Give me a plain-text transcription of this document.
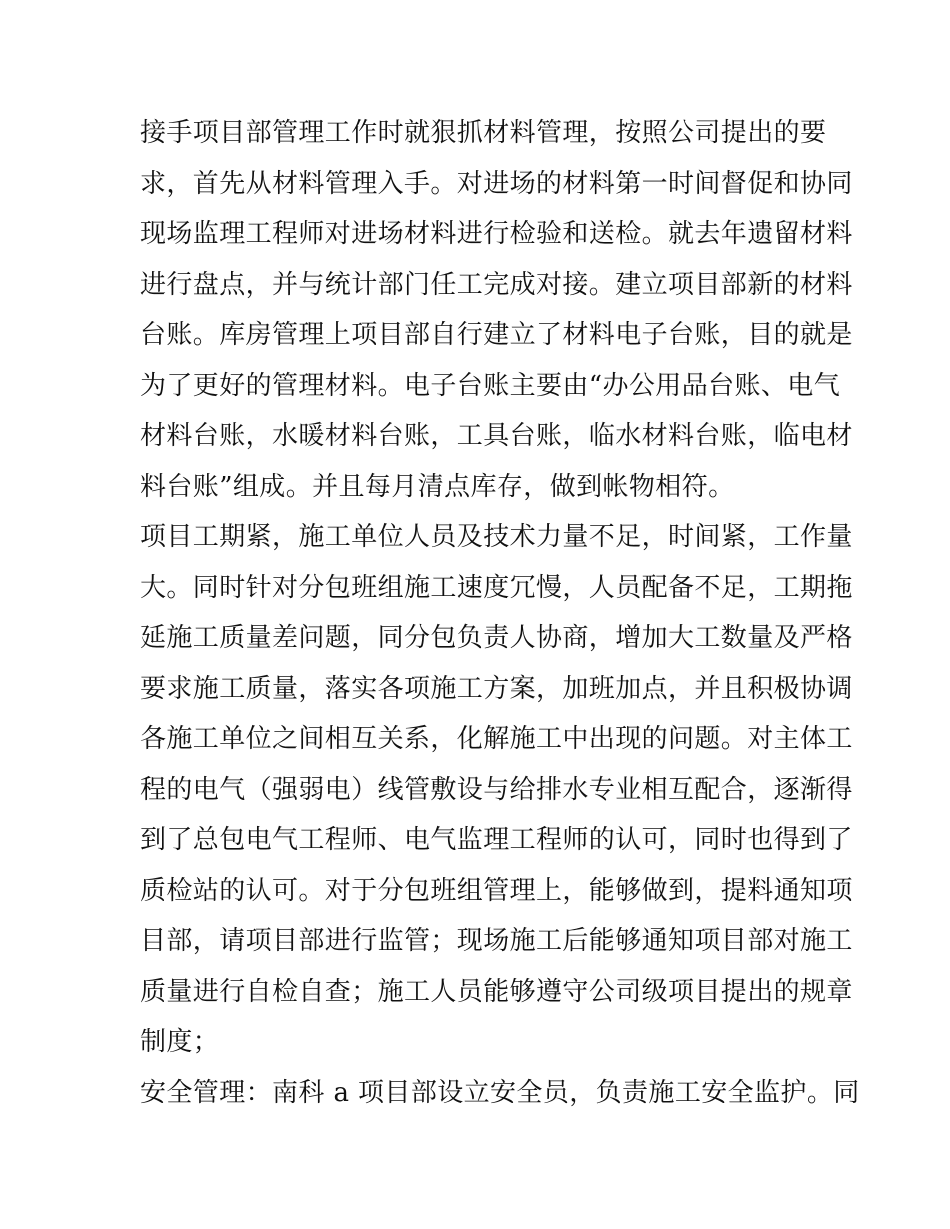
接手项目部管理工作时就狠抓材料管理，按照公司提出的要
求，首先从材料管理入手。对进场的材料第一时间督促和协同
现场监理工程师对进场材料进行检验和送检。就去年遗留材料
进行盘点，并与统计部门任工完成对接。建立项目部新的材料
台账。库房管理上项目部自行建立了材料电子台账，目的就是
为了更好的管理材料。电子台账主要由“办公用品台账、电气
材料台账，水暖材料台账，工具台账，临水材料台账，临电材
料台账”组成。并且每月清点库存，做到帐物相符。
项目工期紧，施工单位人员及技术力量不足，时间紧，工作量
大。同时针对分包班组施工速度冗慢，人员配备不足，工期拖
延施工质量差问题，同分包负责人协商，增加大工数量及严格
要求施工质量，落实各项施工方案，加班加点，并且积极协调
各施工单位之间相互关系，化解施工中出现的问题。对主体工
程的电气（强弱电）线管敷设与给排水专业相互配合，逐渐得
到了总包电气工程师、电气监理工程师的认可，同时也得到了
质检站的认可。对于分包班组管理上，能够做到，提料通知项
目部，请项目部进行监管；现场施工后能够通知项目部对施工
质量进行自检自查；施工人员能够遵守公司级项目提出的规章
制度；
安全管理：南科 a 项目部设立安全员，负责施工安全监护。同
